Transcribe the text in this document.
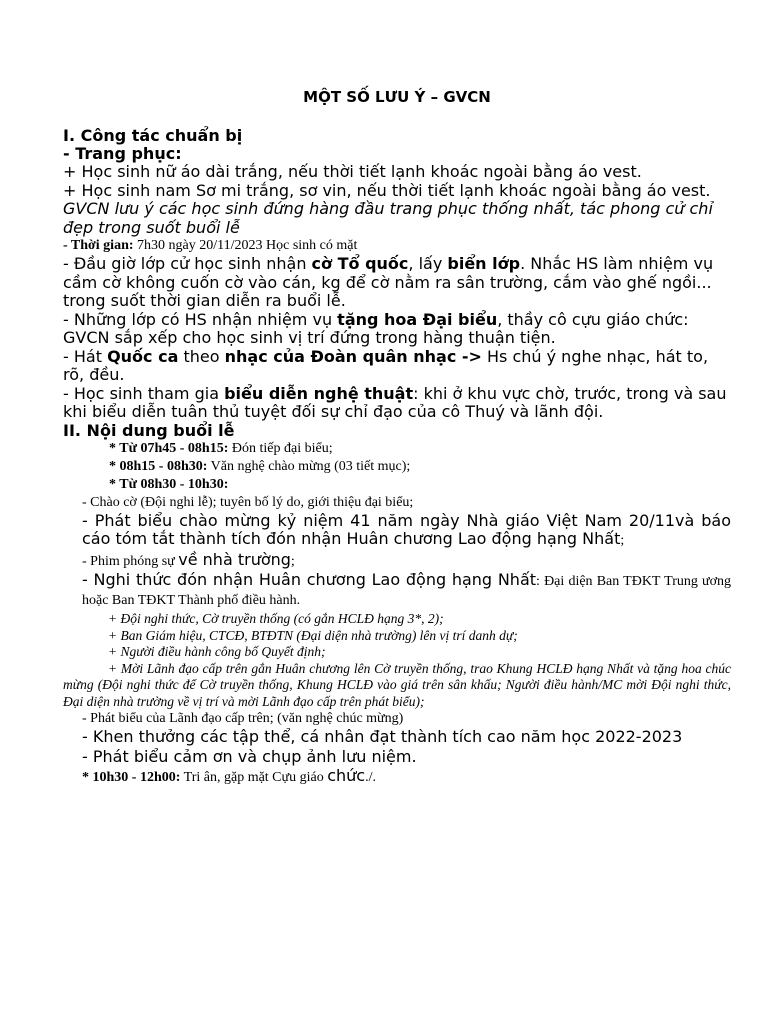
MỘT SỐ LƯU Ý – GVCN

I. Công tác chuẩn bị

- Trang phục:

+ Học sinh nữ áo dài trắng, nếu thời tiết lạnh khoác ngoài bằng áo vest.

+ Học sinh nam Sơ mi trắng, sơ vin, nếu thời tiết lạnh khoác ngoài bằng áo vest.

GVCN lưu ý các học sinh đứng hàng đầu trang phục thống nhất, tác phong cử chỉ đẹp trong suốt buổi lễ

- Thời gian: 7h30 ngày 20/11/2023 Học sinh có mặt

- Đầu giờ lớp cử học sinh nhận cờ Tổ quốc, lấy biển lớp. Nhắc HS làm nhiệm vụ cầm cờ không cuốn cờ vào cán, kg để cờ nằm ra sân trường, cắm vào ghế ngồi... trong suốt thời gian diễn ra buổi lễ.

- Những lớp có HS nhận nhiệm vụ tặng hoa Đại biểu, thầy cô cựu giáo chức: GVCN sắp xếp cho học sinh vị trí đứng trong hàng thuận tiện.

- Hát Quốc ca theo nhạc của Đoàn quân nhạc -> Hs chú ý nghe nhạc, hát to, rõ, đều.

- Học sinh tham gia biểu diễn nghệ thuật: khi ở khu vực chờ, trước, trong và sau khi biểu diễn tuân thủ tuyệt đối sự chỉ đạo của cô Thuý và lãnh đội.

II. Nội dung buổi lễ

* Từ 07h45 - 08h15: Đón tiếp đại biểu;

* 08h15 - 08h30: Văn nghệ chào mừng (03 tiết mục);

* Từ 08h30 - 10h30:

- Chào cờ (Đội nghi lễ); tuyên bố lý do, giới thiệu đại biểu;

- Phát biểu chào mừng kỷ niệm 41 năm ngày Nhà giáo Việt Nam 20/11và báo cáo tóm tắt thành tích đón nhận Huân chương Lao động hạng Nhất;

- Phim phóng sự về nhà trường;

- Nghi thức đón nhận Huân chương Lao động hạng Nhất: Đại diện Ban TĐKT Trung ương hoặc Ban TĐKT Thành phố điều hành.

+ Đội nghi thức, Cờ truyền thống (có gắn HCLĐ hạng 3*, 2);

+ Ban Giám hiệu, CTCĐ, BTĐTN (Đại diện nhà trường) lên vị trí danh dự;

+ Người điều hành công bố Quyết định;

+ Mời Lãnh đạo cấp trên gắn Huân chương lên Cờ truyền thống, trao Khung HCLĐ hạng Nhất và tặng hoa chúc mừng (Đội nghi thức để Cờ truyền thống, Khung HCLĐ vào giá trên sân khấu; Người điều hành/MC mời Đội nghi thức, Đại diện nhà trường về vị trí và mời Lãnh đạo cấp trên phát biểu);

- Phát biểu của Lãnh đạo cấp trên; (văn nghệ chúc mừng)

- Khen thưởng các tập thể, cá nhân đạt thành tích cao năm học 2022-2023

- Phát biểu cảm ơn và chụp ảnh lưu niệm.

* 10h30 - 12h00: Tri ân, gặp mặt Cựu giáo chức./.
